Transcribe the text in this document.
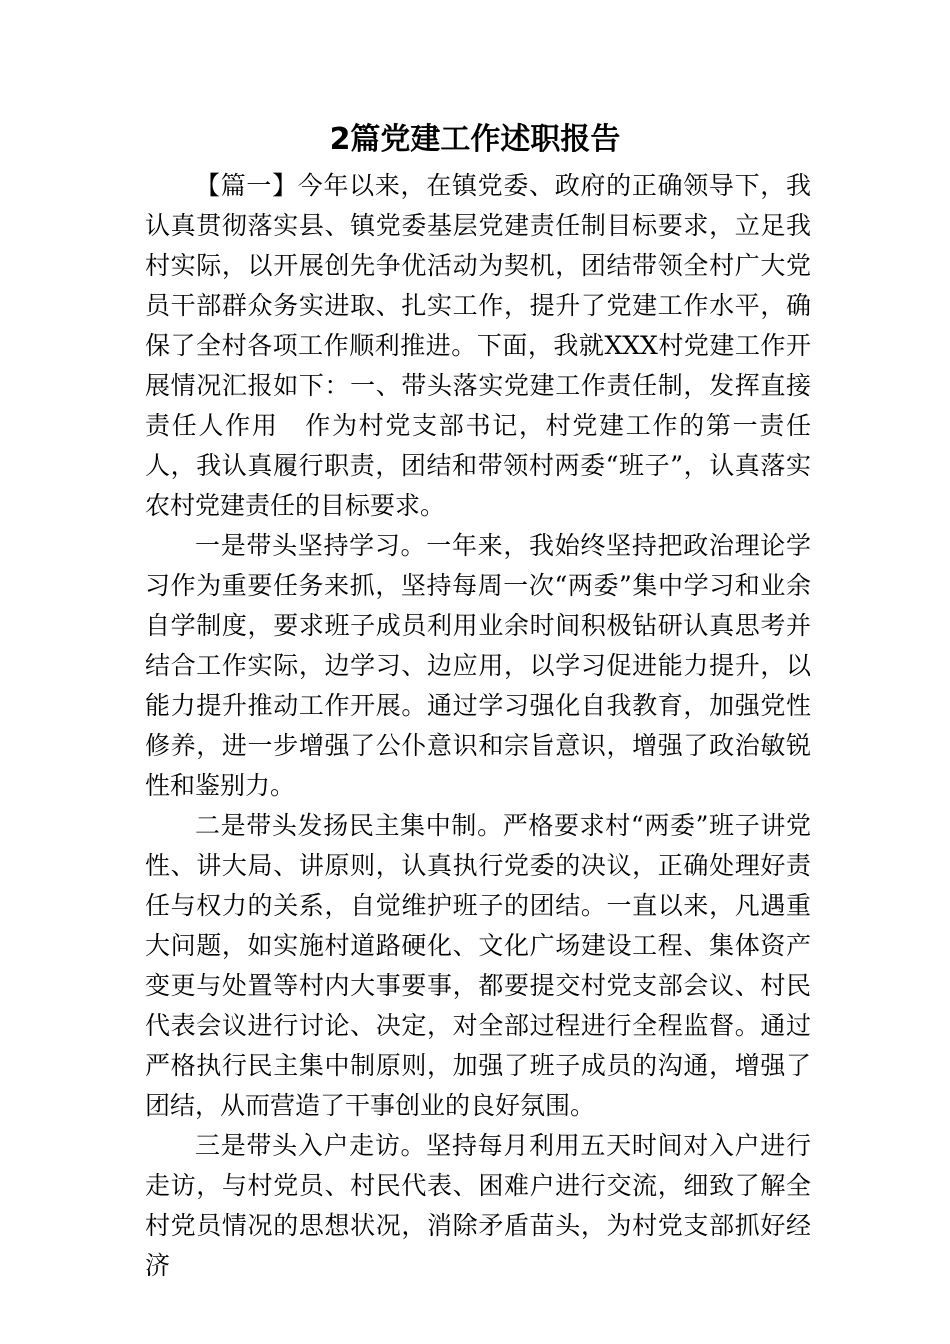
2篇党建工作述职报告

【篇一】今年以来，在镇党委、政府的正确领导下，我认真贯彻落实县、镇党委基层党建责任制目标要求，立足我村实际，以开展创先争优活动为契机，团结带领全村广大党员干部群众务实进取、扎实工作，提升了党建工作水平，确保了全村各项工作顺利推进。下面，我就XXX村党建工作开展情况汇报如下：一、带头落实党建工作责任制，发挥直接责任人作用　作为村党支部书记，村党建工作的第一责任人，我认真履行职责，团结和带领村两委“班子”，认真落实农村党建责任的目标要求。

一是带头坚持学习。一年来，我始终坚持把政治理论学习作为重要任务来抓，坚持每周一次“两委”集中学习和业余自学制度，要求班子成员利用业余时间积极钻研认真思考并结合工作实际，边学习、边应用，以学习促进能力提升，以能力提升推动工作开展。通过学习强化自我教育，加强党性修养，进一步增强了公仆意识和宗旨意识，增强了政治敏锐性和鉴别力。

二是带头发扬民主集中制。严格要求村“两委”班子讲党性、讲大局、讲原则，认真执行党委的决议，正确处理好责任与权力的关系，自觉维护班子的团结。一直以来，凡遇重大问题，如实施村道路硬化、文化广场建设工程、集体资产变更与处置等村内大事要事，都要提交村党支部会议、村民代表会议进行讨论、决定，对全部过程进行全程监督。通过严格执行民主集中制原则，加强了班子成员的沟通，增强了团结，从而营造了干事创业的良好氛围。

三是带头入户走访。坚持每月利用五天时间对入户进行走访，与村党员、村民代表、困难户进行交流，细致了解全村党员情况的思想状况，消除矛盾苗头，为村党支部抓好经济
